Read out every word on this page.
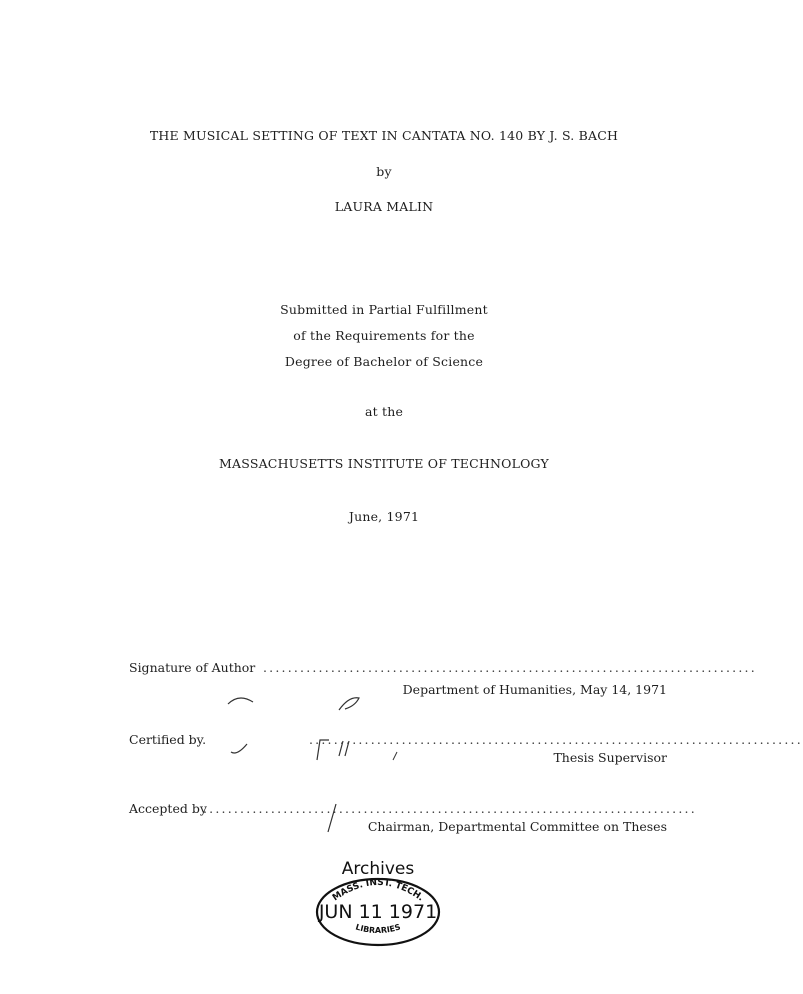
THE MUSICAL SETTING OF TEXT IN CANTATA NO. 140 BY J. S. BACH
by
LAURA MALIN
Submitted in Partial Fulfillment
of the Requirements for the
Degree of Bachelor of Science
at the
MASSACHUSETTS INSTITUTE OF TECHNOLOGY
June, 1971
Signature of Author ................................................................................
Department of Humanities, May 14, 1971
Certified by.	................................................................................
Thesis Supervisor
Accepted by
................................................................................
Chairman, Departmental Committee on Theses
Archives
MASS. INST. TECH.
JUN 11 1971
LIBRARIES
